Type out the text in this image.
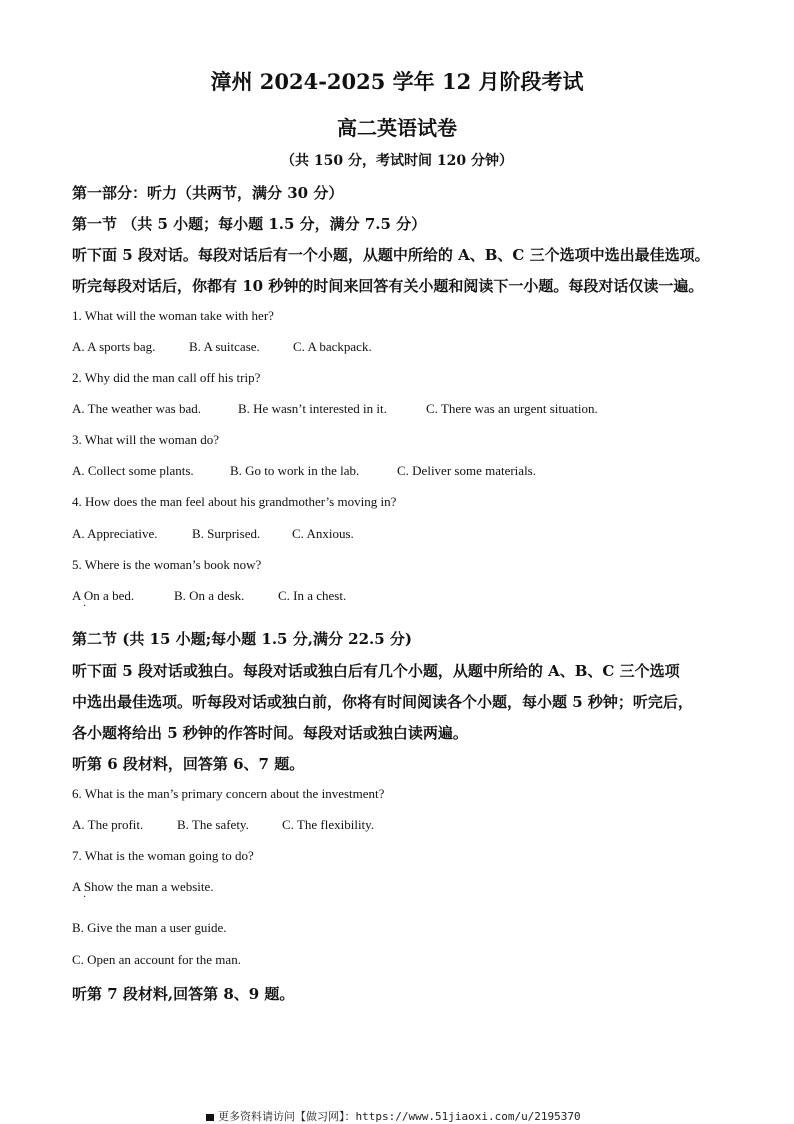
漳州 2024-2025 学年 12 月阶段考试
高二英语试卷
（共 150 分，考试时间 120 分钟）
第一部分：听力（共两节，满分 30 分）
第一节 （共 5 小题；每小题 1.5 分，满分 7.5 分）
听下面 5 段对话。每段对话后有一个小题，从题中所给的 A、B、C 三个选项中选出最佳选项。
听完每段对话后，你都有 10 秒钟的时间来回答有关小题和阅读下一小题。每段对话仅读一遍。
1. What will the woman take with her?
A. A sports bag.	B. A suitcase.	C. A backpack.
2. Why did the man call off his trip?
A. The weather was bad.	B. He wasn’t interested in it.	C. There was an urgent situation.
3. What will the woman do?
A. Collect some plants.	B. Go to work in the lab.	C. Deliver some materials.
4. How does the man feel about his grandmother’s moving in?
A. Appreciative.	B. Surprised. C. Anxious.
5. Where is the woman’s book now?
A On a bed.
·
B. On a desk.	C. In a chest.
第二节 (共 15 小题;每小题 1.5 分,满分 22.5 分)
听下面 5 段对话或独白。每段对话或独白后有几个小题，从题中所给的 A、B、C 三个选项
中选出最佳选项。听每段对话或独白前，你将有时间阅读各个小题，每小题 5 秒钟；听完后，
各小题将给出 5 秒钟的作答时间。每段对话或独白读两遍。
听第 6 段材料，回答第 6、7 题。
6. What is the man’s primary concern about the investment?
A. The profit.	B. The safety.	C. The flexibility.
7. What is the woman going to do?
A Show the man a website.
·
B. Give the man a user guide.
C. Open an account for the man.
听第 7 段材料,回答第 8、9 题。
更多资料请访问【做习网】：https://www.51jiaoxi.com/u/2195370
